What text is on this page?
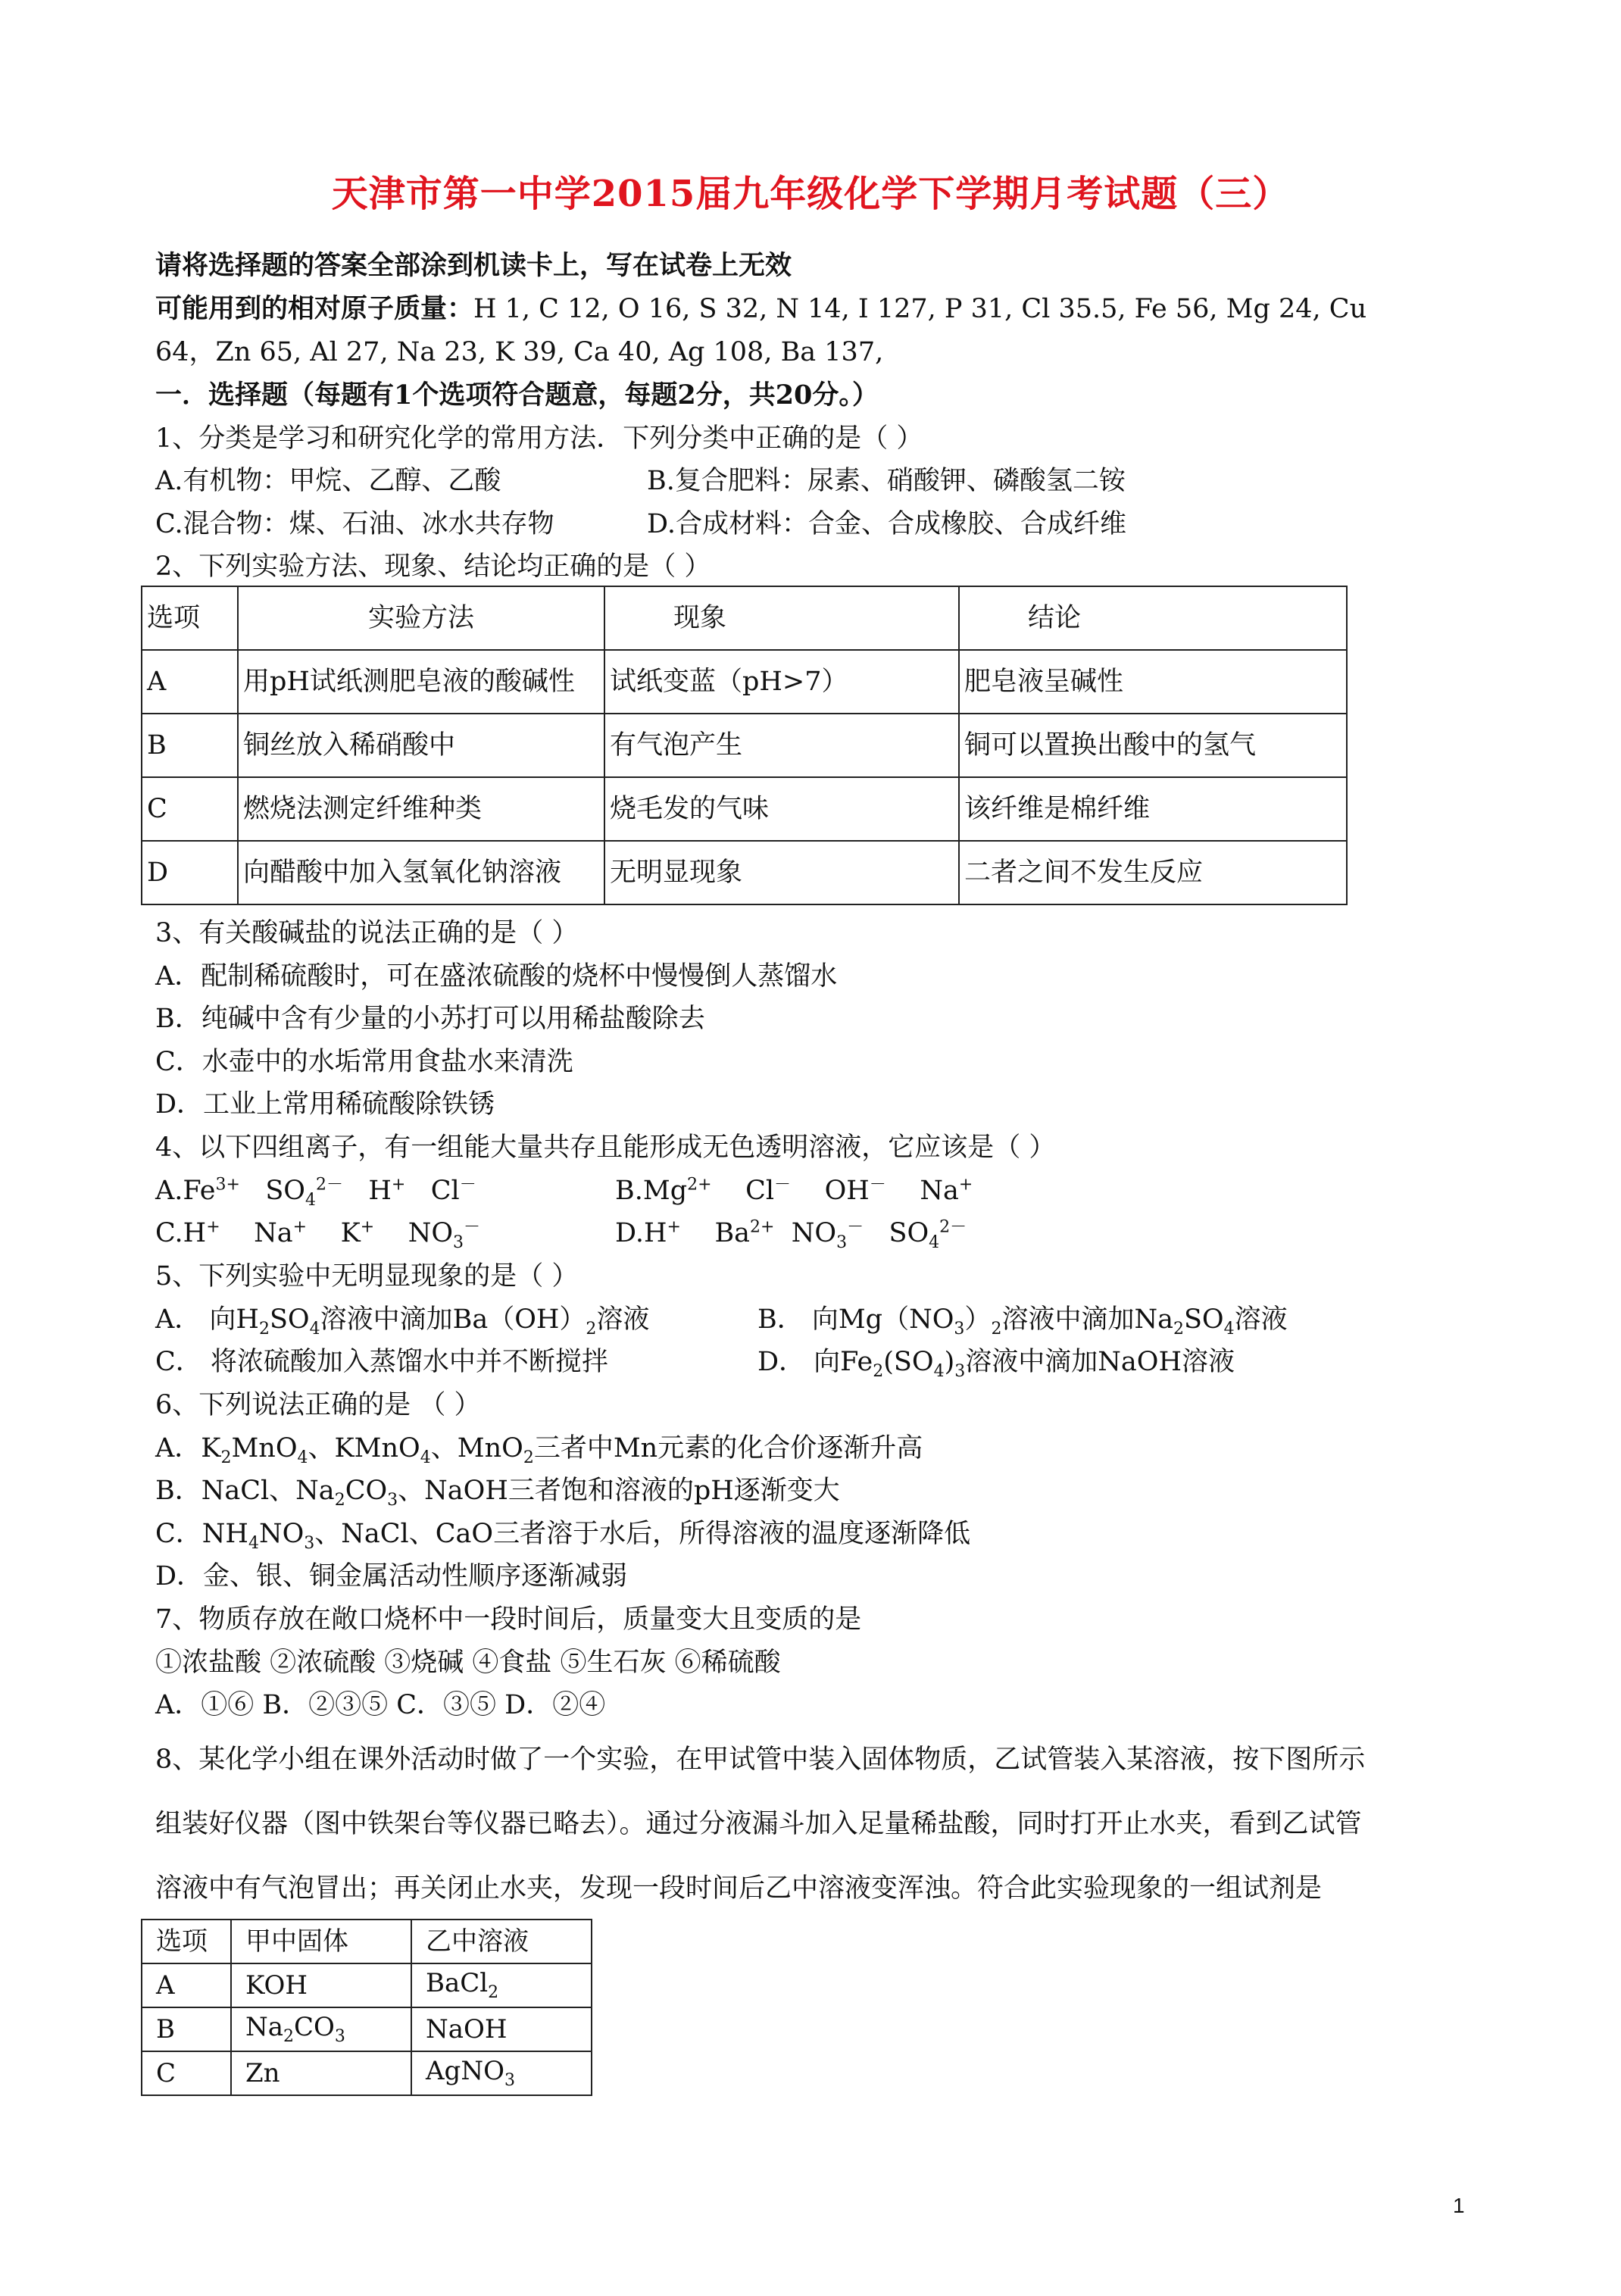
天津市第一中学2015届九年级化学下学期月考试题（三）
请将选择题的答案全部涂到机读卡上，写在试卷上无效
可能用到的相对原子质量：H 1, C 12, O 16, S 32, N 14, I 127, P 31, Cl 35.5, Fe 56, Mg 24, Cu
64，Zn 65, Al 27, Na 23, K 39, Ca 40, Ag 108, Ba 137,
一．选择题（每题有1个选项符合题意，每题2分，共20分。）
1、分类是学习和研究化学的常用方法．下列分类中正确的是（ ）
A.有机物：甲烷、乙醇、乙酸	B.复合肥料：尿素、硝酸钾、磷酸氢二铵
C.混合物：煤、石油、冰水共存物	D.合成材料：合金、合成橡胶、合成纤维
2、下列实验方法、现象、结论均正确的是（ ）
选项	实验方法	现象	结论
A	用pH试纸测肥皂液的酸碱性	试纸变蓝（pH>7）	肥皂液呈碱性
B	铜丝放入稀硝酸中	有气泡产生	铜可以置换出酸中的氢气
C	燃烧法测定纤维种类	烧毛发的气味	该纤维是棉纤维
D	向醋酸中加入氢氧化钠溶液	无明显现象	二者之间不发生反应
3、有关酸碱盐的说法正确的是（ ）
A．配制稀硫酸时，可在盛浓硫酸的烧杯中慢慢倒人蒸馏水
B．纯碱中含有少量的小苏打可以用稀盐酸除去
C．水壶中的水垢常用食盐水来清洗
D．工业上常用稀硫酸除铁锈
4、以下四组离子，有一组能大量共存且能形成无色透明溶液，它应该是（ ）
$A.Fe^{3+}$ $SO_4^{2-}$ H+ Cl－	$B.Mg^{2+}$ Cl－ OH－ Na+
C.H+ Na+ K+ $NO_3^-$	D.H+ $Ba^{2+}$ $NO_3^-$ $SO_4^{2-}$
5、下列实验中无明显现象的是（ ）
A． 向$H_2SO_4$溶液中滴加$Ba(OH)_2$溶液	B． 向$Mg(NO_3)_2$溶液中滴加$Na_2SO_4$溶液
C． 将浓硫酸加入蒸馏水中并不断搅拌	D． 向$Fe_2(SO_4)_3$溶液中滴加NaOH溶液
6、下列说法正确的是 （ ）
A．$K_2MnO_4$、KMnO$_4$、MnO$_2$三者中Mn元素的化合价逐渐升高
B．NaCl、$Na_2CO_3$、NaOH三者饱和溶液的pH逐渐变大
C．$NH_4NO_3$、NaCl、CaO三者溶于水后，所得溶液的温度逐渐降低
D．金、银、铜金属活动性顺序逐渐减弱
7、物质存放在敞口烧杯中一段时间后，质量变大且变质的是
①浓盐酸 ②浓硫酸 ③烧碱 ④食盐 ⑤生石灰 ⑥稀硫酸
A．①⑥ B．②③⑤ C．③⑤ D．②④
8、某化学小组在课外活动时做了一个实验，在甲试管中装入固体物质，乙试管装入某溶液，按下图所示
组装好仪器（图中铁架台等仪器已略去）。通过分液漏斗加入足量稀盐酸，同时打开止水夹，看到乙试管
溶液中有气泡冒出；再关闭止水夹，发现一段时间后乙中溶液变浑浊。符合此实验现象的一组试剂是
选项	甲中固体	乙中溶液
A	KOH	BaCl$_2$
B	$Na_2CO_3$	NaOH
C	Zn	AgNO$_3$
1
